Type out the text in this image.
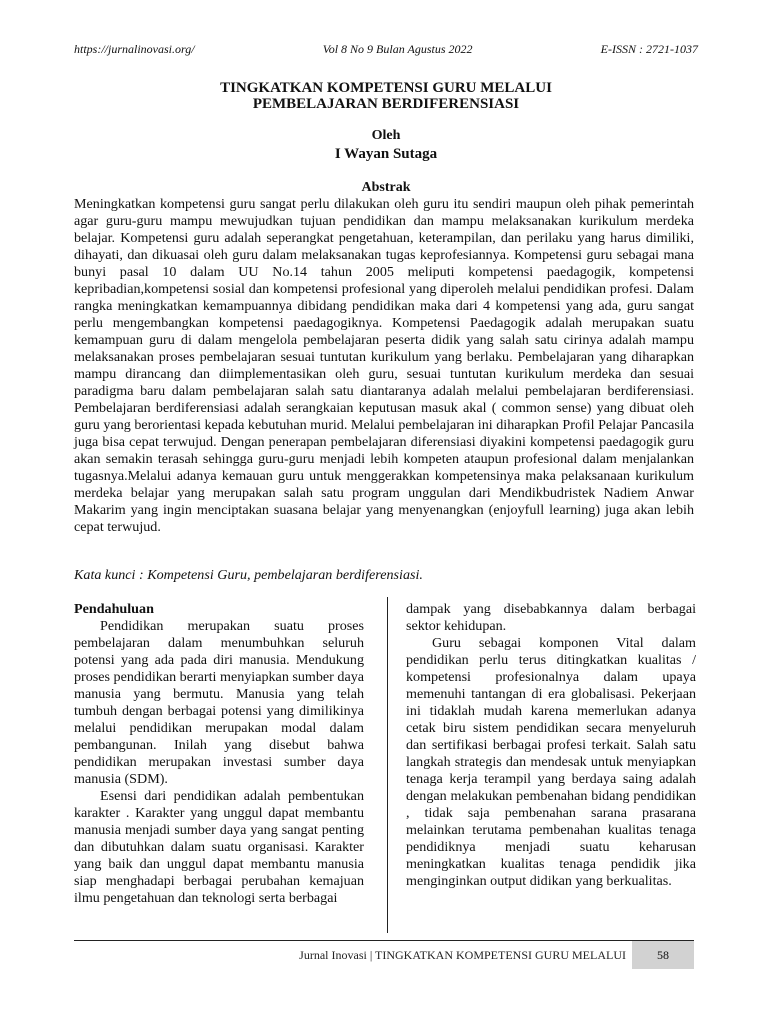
https://jurnalinovasi.org/	Vol 8 No 9 Bulan Agustus 2022	E-ISSN : 2721-1037
TINGKATKAN KOMPETENSI GURU MELALUI
PEMBELAJARAN BERDIFERENSIASI
Oleh
I Wayan Sutaga
Abstrak

Meningkatkan kompetensi guru sangat perlu dilakukan oleh guru itu sendiri maupun oleh pihak pemerintah agar guru-guru mampu mewujudkan tujuan pendidikan dan mampu melaksanakan kurikulum merdeka belajar. Kompetensi guru adalah seperangkat pengetahuan, keterampilan, dan perilaku yang harus dimiliki, dihayati, dan dikuasai oleh guru dalam melaksanakan tugas keprofesiannya. Kompetensi guru sebagai mana bunyi pasal 10 dalam UU No.14 tahun 2005 meliputi kompetensi paedagogik, kompetensi kepribadian,kompetensi sosial dan kompetensi profesional yang diperoleh melalui pendidikan profesi. Dalam rangka meningkatkan kemampuannya dibidang pendidikan maka dari 4 kompetensi yang ada, guru sangat perlu mengembangkan kompetensi paedagogiknya. Kompetensi Paedagogik adalah merupakan suatu kemampuan guru di dalam mengelola pembelajaran peserta didik yang salah satu cirinya adalah mampu melaksanakan proses pembelajaran sesuai tuntutan kurikulum yang berlaku. Pembelajaran yang diharapkan mampu dirancang dan diimplementasikan oleh guru, sesuai tuntutan kurikulum merdeka dan sesuai paradigma baru dalam pembelajaran salah satu diantaranya adalah melalui pembelajaran berdiferensiasi. Pembelajaran berdiferensiasi adalah serangkaian keputusan masuk akal ( common sense) yang dibuat oleh guru yang berorientasi kepada kebutuhan murid. Melalui pembelajaran ini diharapkan Profil Pelajar Pancasila juga bisa cepat terwujud. Dengan penerapan pembelajaran diferensiasi diyakini kompetensi paedagogik guru akan semakin terasah sehingga guru-guru menjadi lebih kompeten ataupun profesional dalam menjalankan tugasnya.Melalui adanya kemauan guru untuk menggerakkan kompetensinya maka pelaksanaan kurikulum merdeka belajar yang merupakan salah satu program unggulan dari Mendikbudristek Nadiem Anwar Makarim yang ingin menciptakan suasana belajar yang menyenangkan (enjoyfull learning) juga akan lebih cepat terwujud.

Kata kunci : Kompetensi Guru, pembelajaran berdiferensiasi.

Pendahuluan

Pendidikan merupakan suatu proses pembelajaran dalam menumbuhkan seluruh potensi yang ada pada diri manusia. Mendukung proses pendidikan berarti menyiapkan sumber daya manusia yang bermutu. Manusia yang telah tumbuh dengan berbagai potensi yang dimilikinya melalui pendidikan merupakan modal dalam pembangunan. Inilah yang disebut bahwa pendidikan merupakan investasi sumber daya manusia (SDM).

Esensi dari pendidikan adalah pembentukan karakter . Karakter yang unggul dapat membantu manusia menjadi sumber daya yang sangat penting dan dibutuhkan dalam suatu organisasi. Karakter yang baik dan unggul dapat membantu manusia siap menghadapi berbagai perubahan kemajuan ilmu pengetahuan dan teknologi serta berbagai

dampak yang disebabkannya dalam berbagai sektor kehidupan.

Guru sebagai komponen Vital dalam pendidikan perlu terus ditingkatkan kualitas / kompetensi profesionalnya dalam upaya memenuhi tantangan di era globalisasi. Pekerjaan ini tidaklah mudah karena memerlukan adanya cetak biru sistem pendidikan secara menyeluruh dan sertifikasi berbagai profesi terkait. Salah satu langkah strategis dan mendesak untuk menyiapkan tenaga kerja terampil yang berdaya saing adalah dengan melakukan pembenahan bidang pendidikan , tidak saja pembenahan sarana prasarana melainkan terutama pembenahan kualitas tenaga pendidiknya menjadi suatu keharusan meningkatkan kualitas tenaga pendidik jika menginginkan output didikan yang berkualitas.

Jurnal Inovasi | TINGKATKAN KOMPETENSI GURU MELALUI	58
